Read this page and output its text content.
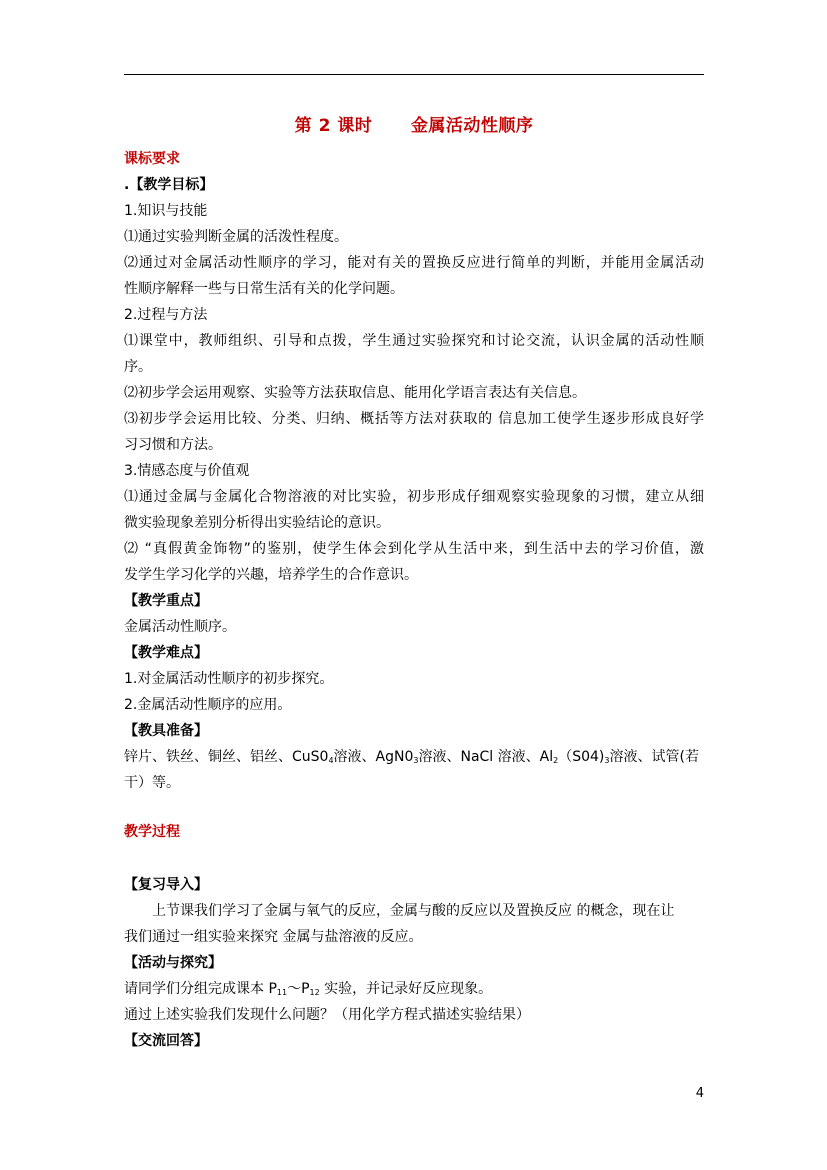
第 2 课时      金属活动性顺序
课标要求
.【教学目标】
1.知识与技能
⑴通过实验判断金属的活泼性程度。
⑵通过对金属活动性顺序的学习，能对有关的置换反应进行简单的判断，并能用金属活动
性顺序解释一些与日常生活有关的化学问题。
2.过程与方法
⑴课堂中，教师组织、引导和点拨，学生通过实验探究和讨论交流，认识金属的活动性顺
序。
⑵初步学会运用观察、实验等方法获取信息、能用化学语言表达有关信息。
⑶初步学会运用比较、分类、归纳、概括等方法对获取的 信息加工使学生逐步形成良好学
习习惯和方法。
3.情感态度与价值观
⑴通过金属与金属化合物溶液的对比实验，初步形成仔细观察实验现象的习惯，建立从细
微实验现象差别分析得出实验结论的意识。
⑵ “真假黄金饰物”的鉴别，使学生体会到化学从生活中来，到生活中去的学习价值，激
发学生学习化学的兴趣，培养学生的合作意识。
【教学重点】
金属活动性顺序。
【教学难点】
1.对金属活动性顺序的初步探究。
2.金属活动性顺序的应用。
【教具准备】
锌片、铁丝、铜丝、铝丝、$CuS0_4$溶液、$AgN0_3$溶液、NaCl 溶液、$Al_2(S04)_3$溶液、试管(若
干）等。
教学过程
【复习导入】
上节课我们学习了金属与氧气的反应，金属与酸的反应以及置换反应 的概念，现在让
我们通过一组实验来探究 金属与盐溶液的反应。
【活动与探究】
请同学们分组完成课本 $P_{11}\sim P_{12}$ 实验，并记录好反应现象。
通过上述实验我们发现什么问题？（用化学方程式描述实验结果）
【交流回答】
4
